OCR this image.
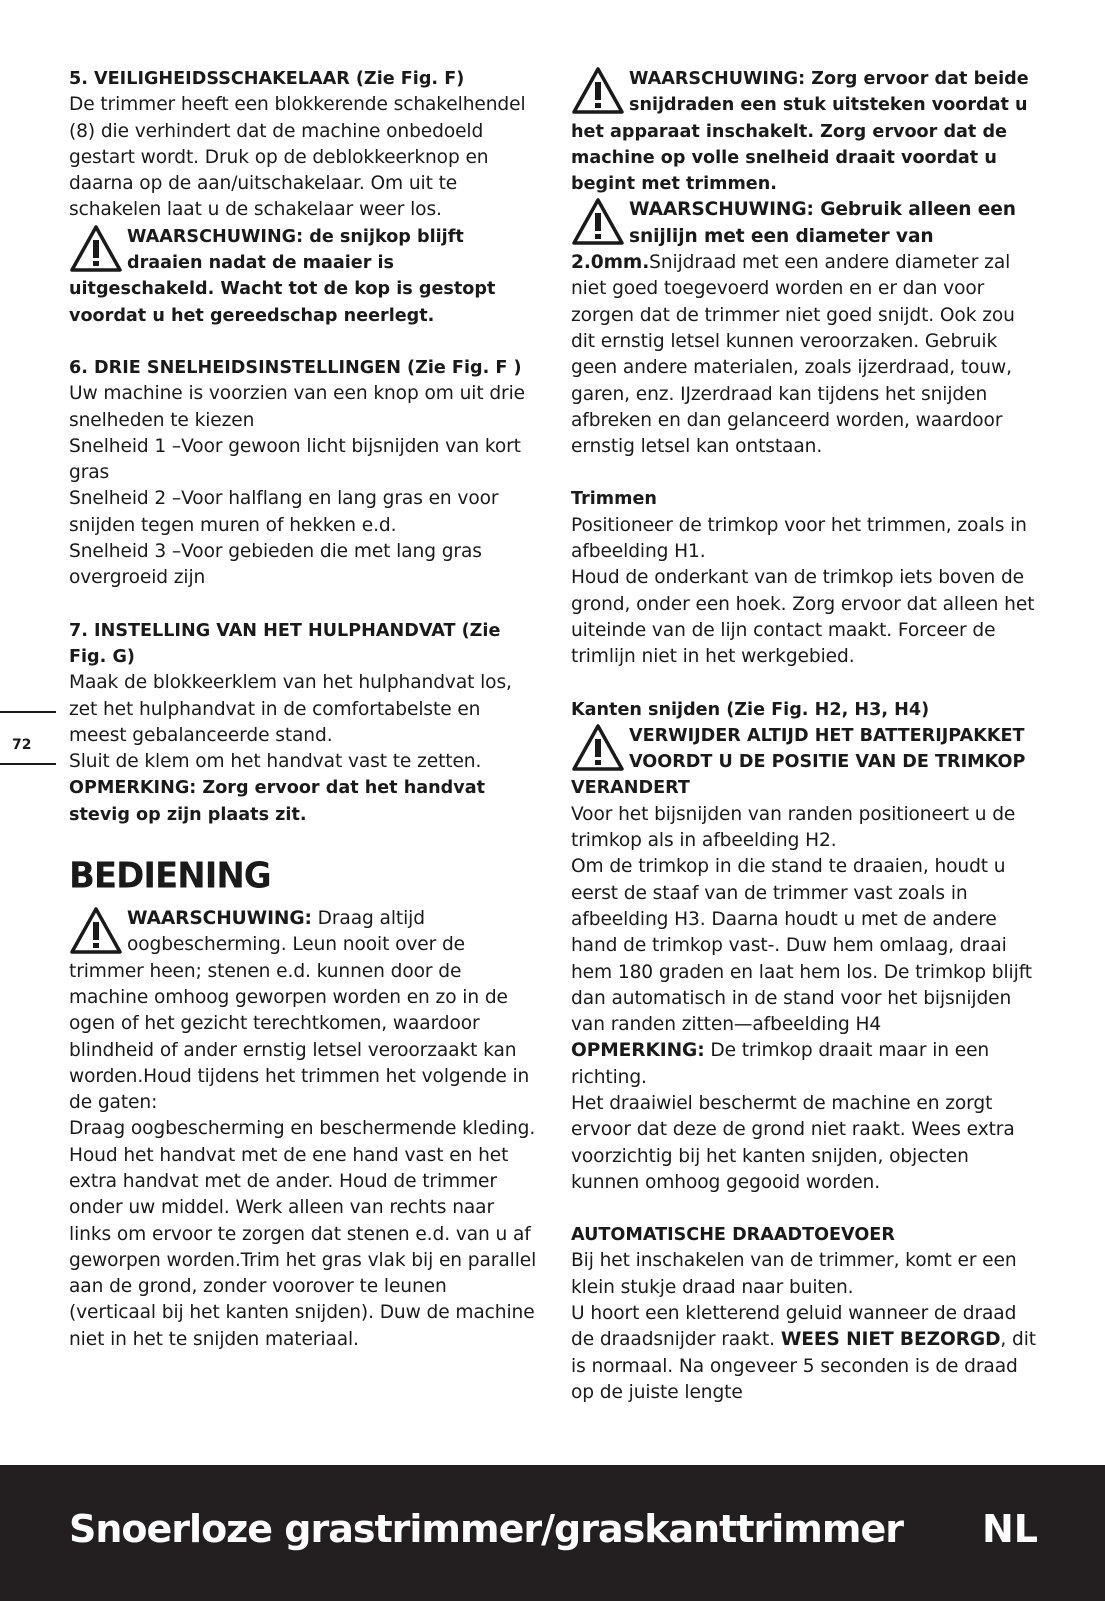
5. VEILIGHEIDSSCHAKELAAR (Zie Fig. F)
De trimmer heeft een blokkerende schakelhendel (8) die verhindert dat de machine onbedoeld gestart wordt. Druk op de deblokkeerknop en daarna op de aan/uitschakelaar. Om uit te schakelen laat u de schakelaar weer los.
WAARSCHUWING: de snijkop blijft draaien nadat de maaier is uitgeschakeld. Wacht tot de kop is gestopt voordat u het gereedschap neerlegt.
6. DRIE SNELHEIDSINSTELLINGEN (Zie Fig. F )
Uw machine is voorzien van een knop om uit drie snelheden te kiezen
Snelheid 1 –Voor gewoon licht bijsnijden van kort gras
Snelheid 2 –Voor halflang en lang gras en voor snijden tegen muren of hekken e.d.
Snelheid 3 –Voor gebieden die met lang gras overgroeid zijn
7. INSTELLING VAN HET HULPHANDVAT (Zie Fig. G)
Maak de blokkeerklem van het hulphandvat los, zet het hulphandvat in de comfortabelste en meest gebalanceerde stand.
Sluit de klem om het handvat vast te zetten.
OPMERKING: Zorg ervoor dat het handvat stevig op zijn plaats zit.
BEDIENING
WAARSCHUWING: Draag altijd oogbescherming. Leun nooit over de trimmer heen; stenen e.d. kunnen door de machine omhoog geworpen worden en zo in de ogen of het gezicht terechtkomen, waardoor blindheid of ander ernstig letsel veroorzaakt kan worden.Houd tijdens het trimmen het volgende in de gaten:
Draag oogbescherming en beschermende kleding. Houd het handvat met de ene hand vast en het extra handvat met de ander. Houd de trimmer onder uw middel. Werk alleen van rechts naar links om ervoor te zorgen dat stenen e.d. van u af geworpen worden.Trim het gras vlak bij en parallel aan de grond, zonder voorover te leunen (verticaal bij het kanten snijden). Duw de machine niet in het te snijden materiaal.
WAARSCHUWING: Zorg ervoor dat beide snijdraden een stuk uitsteken voordat u het apparaat inschakelt. Zorg ervoor dat de machine op volle snelheid draait voordat u begint met trimmen.
WAARSCHUWING: Gebruik alleen een snijlijn met een diameter van 2.0mm.Snijdraad met een andere diameter zal niet goed toegevoerd worden en er dan voor zorgen dat de trimmer niet goed snijdt. Ook zou dit ernstig letsel kunnen veroorzaken. Gebruik geen andere materialen, zoals ijzerdraad, touw, garen, enz. IJzerdraad kan tijdens het snijden afbreken en dan gelanceerd worden, waardoor ernstig letsel kan ontstaan.
Trimmen
Positioneer de trimkop voor het trimmen, zoals in afbeelding H1.
Houd de onderkant van de trimkop iets boven de grond, onder een hoek. Zorg ervoor dat alleen het uiteinde van de lijn contact maakt. Forceer de trimlijn niet in het werkgebied.
Kanten snijden (Zie Fig. H2, H3, H4)
VERWIJDER ALTIJD HET BATTERIJPAKKET VOORDT U DE POSITIE VAN DE TRIMKOP VERANDERT
Voor het bijsnijden van randen positioneert u de trimkop als in afbeelding H2.
Om de trimkop in die stand te draaien, houdt u eerst de staaf van de trimmer vast zoals in afbeelding H3. Daarna houdt u met de andere hand de trimkop vast-. Duw hem omlaag, draai hem 180 graden en laat hem los. De trimkop blijft dan automatisch in de stand voor het bijsnijden van randen zitten—afbeelding H4
OPMERKING: De trimkop draait maar in een richting.
Het draaiwiel beschermt de machine en zorgt ervoor dat deze de grond niet raakt. Wees extra voorzichtig bij het kanten snijden, objecten kunnen omhoog gegooid worden.
AUTOMATISCHE DRAADTOEVOER
Bij het inschakelen van de trimmer, komt er een klein stukje draad naar buiten.
U hoort een kletterend geluid wanneer de draad de draadsnijder raakt. WEES NIET BEZORGD, dit is normaal. Na ongeveer 5 seconden is de draad op de juiste lengte
72
Snoerloze grastrimmer/graskanttrimmer NL
